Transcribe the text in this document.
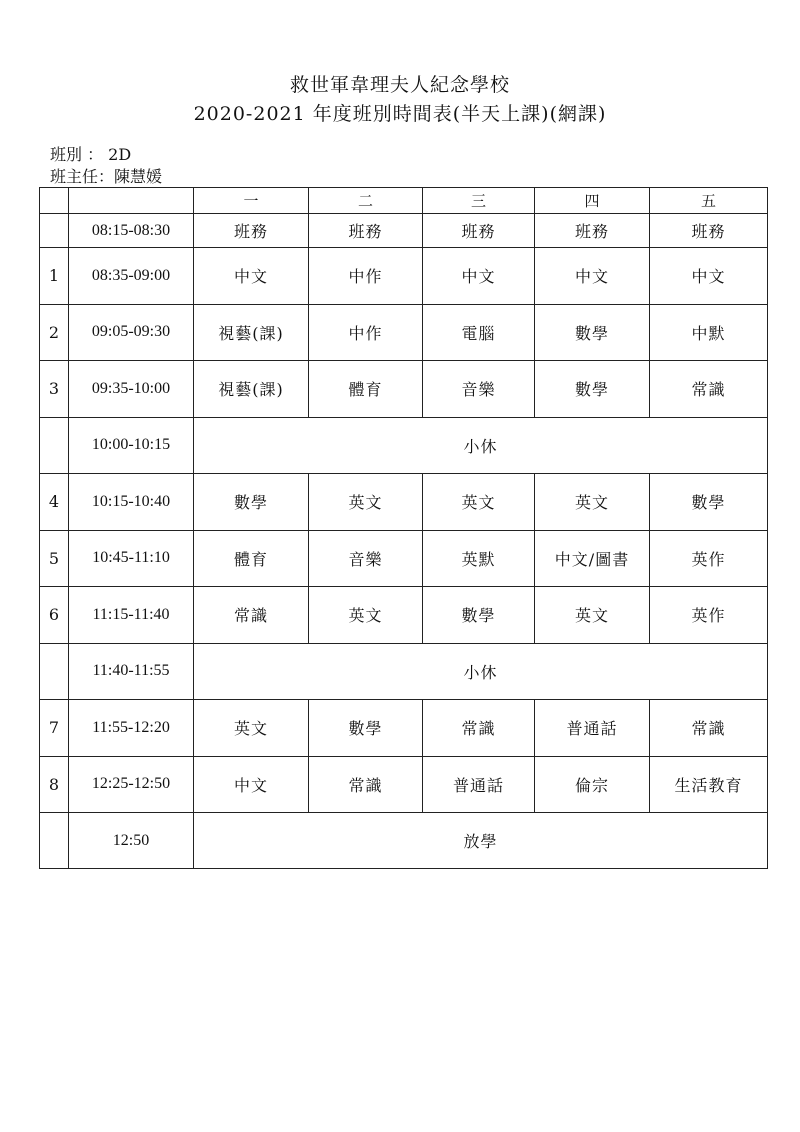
救世軍韋理夫人紀念學校
2020-2021 年度班別時間表(半天上課)(網課)
班別 ： 2D
班主任：陳慧媛
		一	二	三	四	五
	08:15-08:30	班務	班務	班務	班務	班務
1	08:35-09:00	中文	中作	中文	中文	中文
2	09:05-09:30	視藝(課)	中作	電腦	數學	中默
3	09:35-10:00	視藝(課)	體育	音樂	數學	常識
	10:00-10:15	小休				
4	10:15-10:40	數學	英文	英文	英文	數學
5	10:45-11:10	體育	音樂	英默	中文/圖書	英作
6	11:15-11:40	常識	英文	數學	英文	英作
	11:40-11:55	小休				
7	11:55-12:20	英文	數學	常識	普通話	常識
8	12:25-12:50	中文	常識	普通話	倫宗	生活教育
	12:50	放學				
